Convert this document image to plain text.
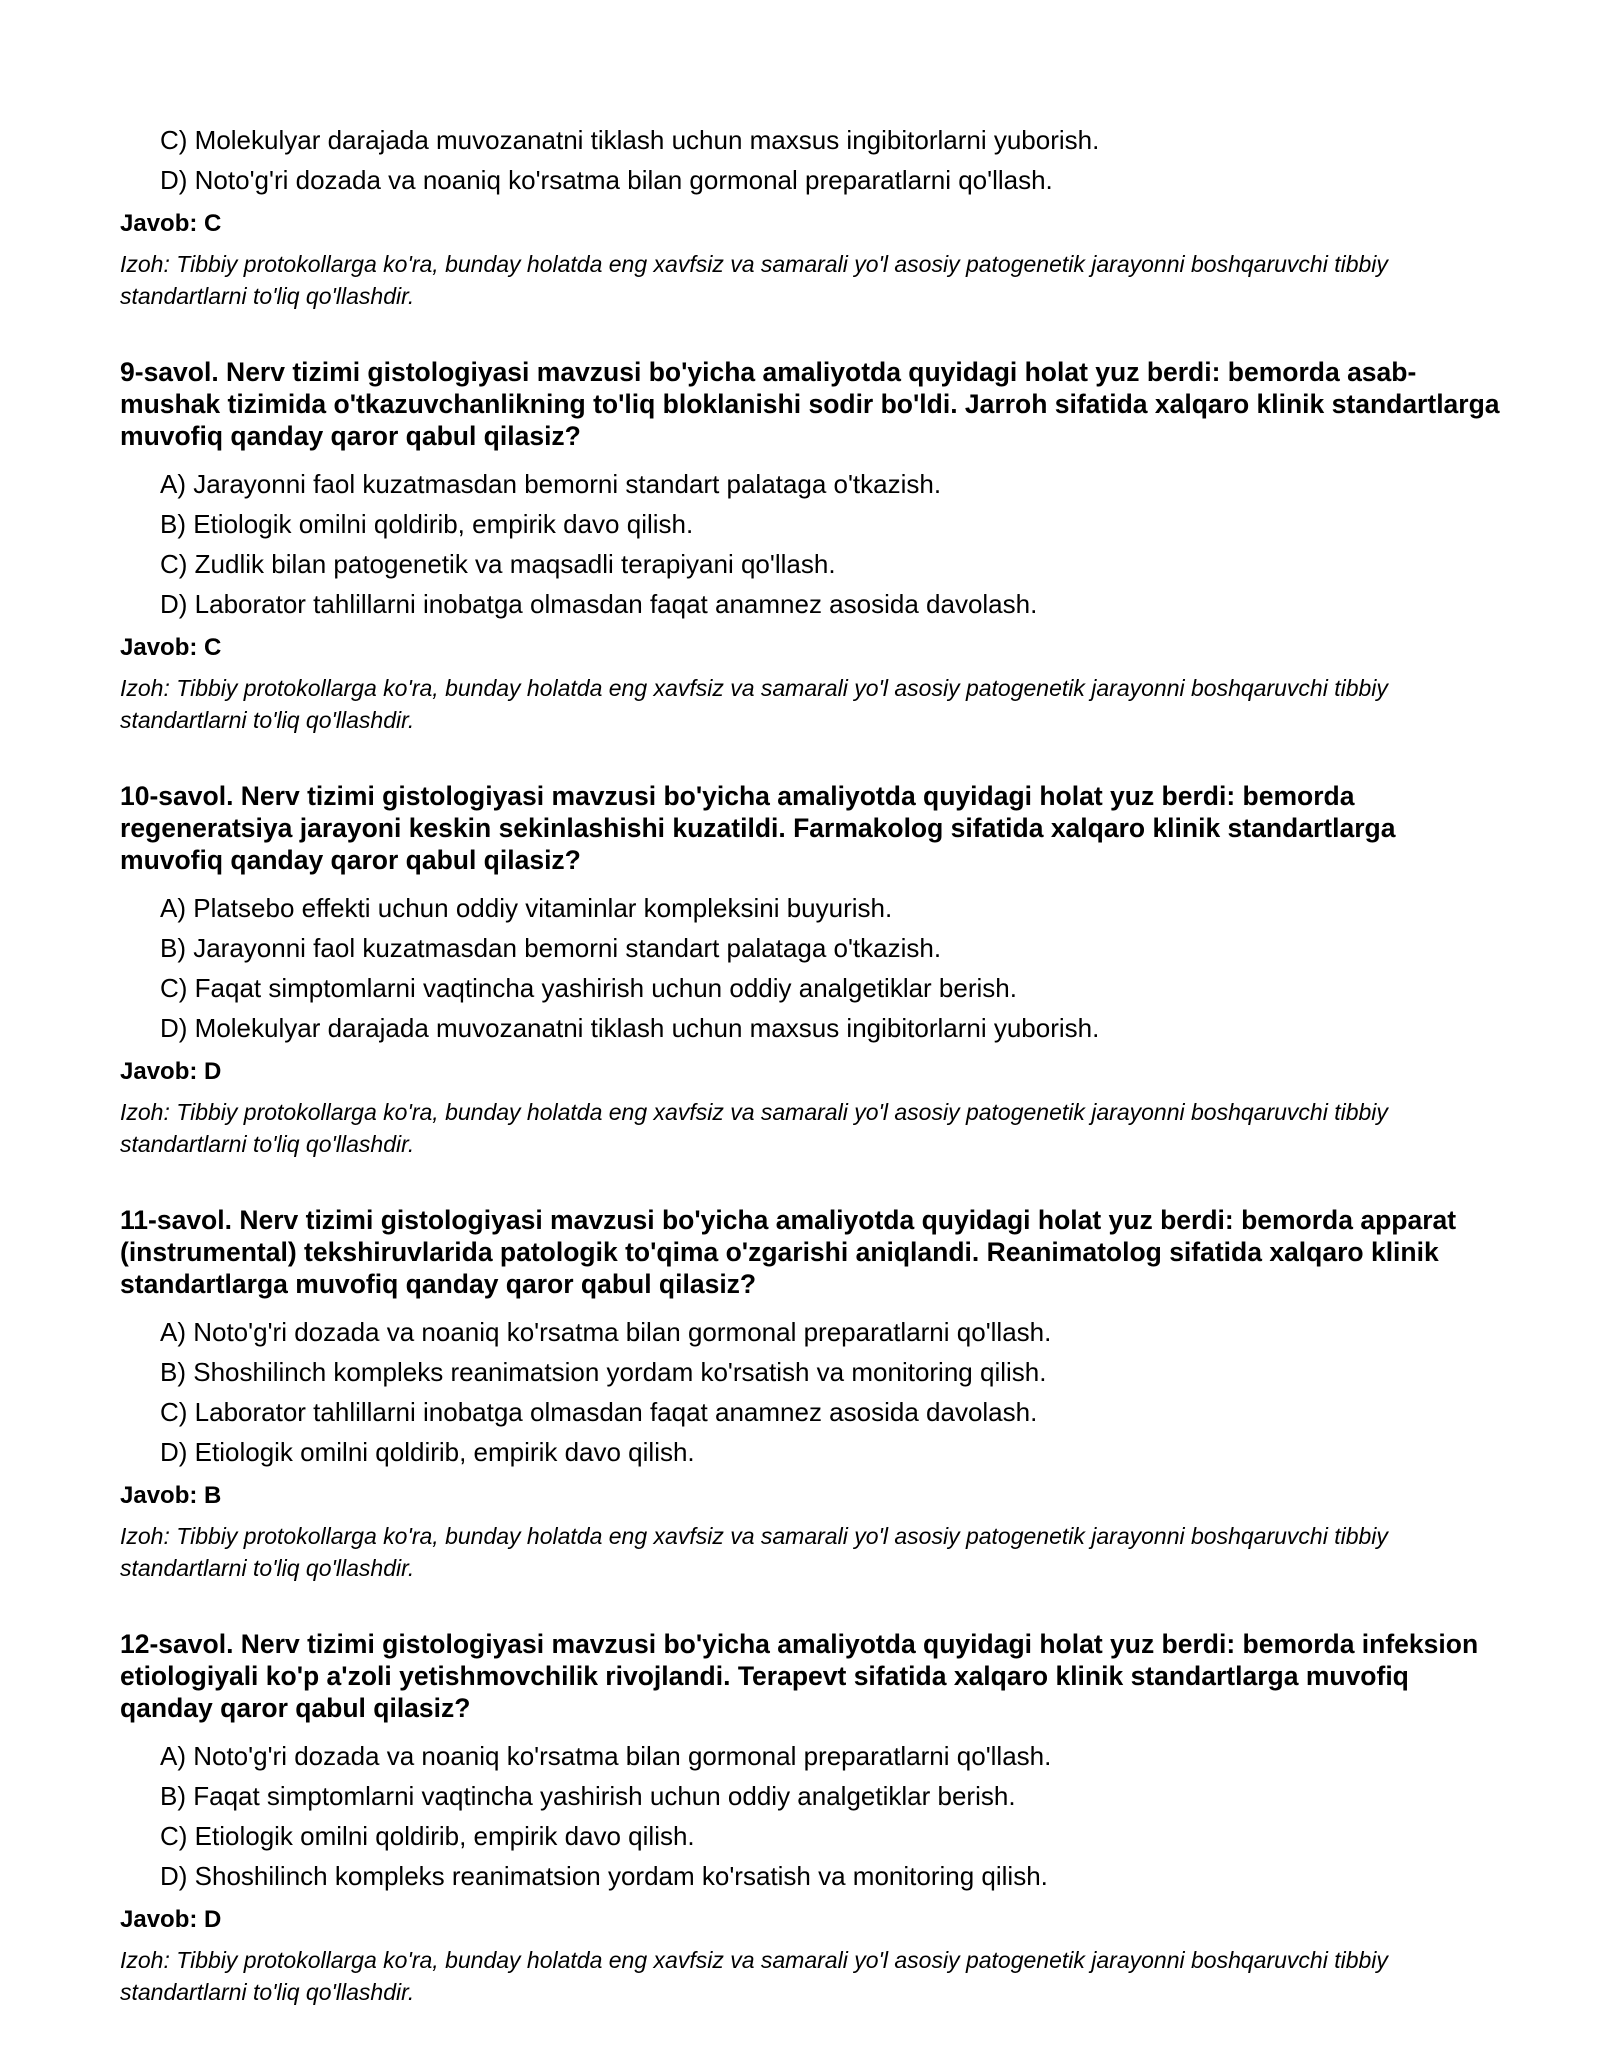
C) Molekulyar darajada muvozanatni tiklash uchun maxsus ingibitorlarni yuborish.
D) Noto'g'ri dozada va noaniq ko'rsatma bilan gormonal preparatlarni qo'llash.
Javob: C
Izoh: Tibbiy protokollarga ko'ra, bunday holatda eng xavfsiz va samarali yo'l asosiy patogenetik jarayonni boshqaruvchi tibbiy standartlarni to'liq qo'llashdir.
9-savol. Nerv tizimi gistologiyasi mavzusi bo'yicha amaliyotda quyidagi holat yuz berdi: bemorda asab-mushak tizimida o'tkazuvchanlikning to'liq bloklanishi sodir bo'ldi. Jarroh sifatida xalqaro klinik standartlarga muvofiq qanday qaror qabul qilasiz?
A) Jarayonni faol kuzatmasdan bemorni standart palataga o'tkazish.
B) Etiologik omilni qoldirib, empirik davo qilish.
C) Zudlik bilan patogenetik va maqsadli terapiyani qo'llash.
D) Laborator tahlillarni inobatga olmasdan faqat anamnez asosida davolash.
Javob: C
Izoh: Tibbiy protokollarga ko'ra, bunday holatda eng xavfsiz va samarali yo'l asosiy patogenetik jarayonni boshqaruvchi tibbiy standartlarni to'liq qo'llashdir.
10-savol. Nerv tizimi gistologiyasi mavzusi bo'yicha amaliyotda quyidagi holat yuz berdi: bemorda regeneratsiya jarayoni keskin sekinlashishi kuzatildi. Farmakolog sifatida xalqaro klinik standartlarga muvofiq qanday qaror qabul qilasiz?
A) Platsebo effekti uchun oddiy vitaminlar kompleksini buyurish.
B) Jarayonni faol kuzatmasdan bemorni standart palataga o'tkazish.
C) Faqat simptomlarni vaqtincha yashirish uchun oddiy analgetiklar berish.
D) Molekulyar darajada muvozanatni tiklash uchun maxsus ingibitorlarni yuborish.
Javob: D
Izoh: Tibbiy protokollarga ko'ra, bunday holatda eng xavfsiz va samarali yo'l asosiy patogenetik jarayonni boshqaruvchi tibbiy standartlarni to'liq qo'llashdir.
11-savol. Nerv tizimi gistologiyasi mavzusi bo'yicha amaliyotda quyidagi holat yuz berdi: bemorda apparat (instrumental) tekshiruvlarida patologik to'qima o'zgarishi aniqlandi. Reanimatolog sifatida xalqaro klinik standartlarga muvofiq qanday qaror qabul qilasiz?
A) Noto'g'ri dozada va noaniq ko'rsatma bilan gormonal preparatlarni qo'llash.
B) Shoshilinch kompleks reanimatsion yordam ko'rsatish va monitoring qilish.
C) Laborator tahlillarni inobatga olmasdan faqat anamnez asosida davolash.
D) Etiologik omilni qoldirib, empirik davo qilish.
Javob: B
Izoh: Tibbiy protokollarga ko'ra, bunday holatda eng xavfsiz va samarali yo'l asosiy patogenetik jarayonni boshqaruvchi tibbiy standartlarni to'liq qo'llashdir.
12-savol. Nerv tizimi gistologiyasi mavzusi bo'yicha amaliyotda quyidagi holat yuz berdi: bemorda infeksion etiologiyali ko'p a'zoli yetishmovchilik rivojlandi. Terapevt sifatida xalqaro klinik standartlarga muvofiq qanday qaror qabul qilasiz?
A) Noto'g'ri dozada va noaniq ko'rsatma bilan gormonal preparatlarni qo'llash.
B) Faqat simptomlarni vaqtincha yashirish uchun oddiy analgetiklar berish.
C) Etiologik omilni qoldirib, empirik davo qilish.
D) Shoshilinch kompleks reanimatsion yordam ko'rsatish va monitoring qilish.
Javob: D
Izoh: Tibbiy protokollarga ko'ra, bunday holatda eng xavfsiz va samarali yo'l asosiy patogenetik jarayonni boshqaruvchi tibbiy standartlarni to'liq qo'llashdir.
